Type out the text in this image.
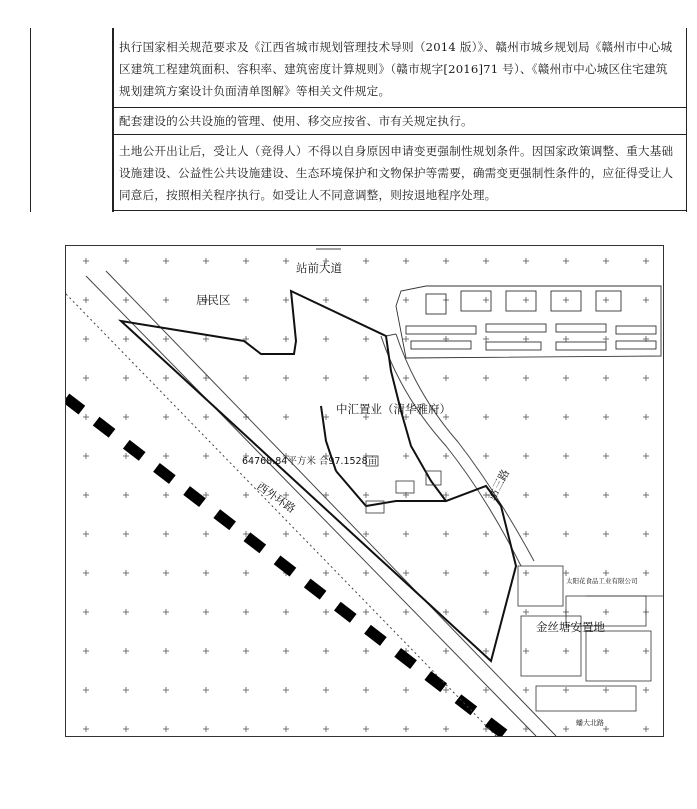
执行国家相关规范要求及《江西省城市规划管理技术导则（2014 版）》、赣州市城乡规划局《赣州市中心城区建筑工程建筑面积、容积率、建筑密度计算规则》（赣市规字[2016]71 号）、《赣州市中心城区住宅建筑规划建筑方案设计负面清单图解》等相关文件规定。
配套建设的公共设施的管理、使用、移交应按省、市有关规定执行。
土地公开出让后，受让人（竞得人）不得以自身原因申请变更强制性规划条件。因国家政策调整、重大基础设施建设、公益性公共设施建设、生态环境保护和文物保护等需要，确需变更强制性条件的，应征得受让人同意后，按照相关程序执行。如受让人不同意调整，则按退地程序处理。
站前大道
居民区
中汇置业（清华雅府）
64768.84平方米 合97.1528亩
西外环路	站三路
太阳花食品工业有限公司
金丝塘安置地
蟠大北路
